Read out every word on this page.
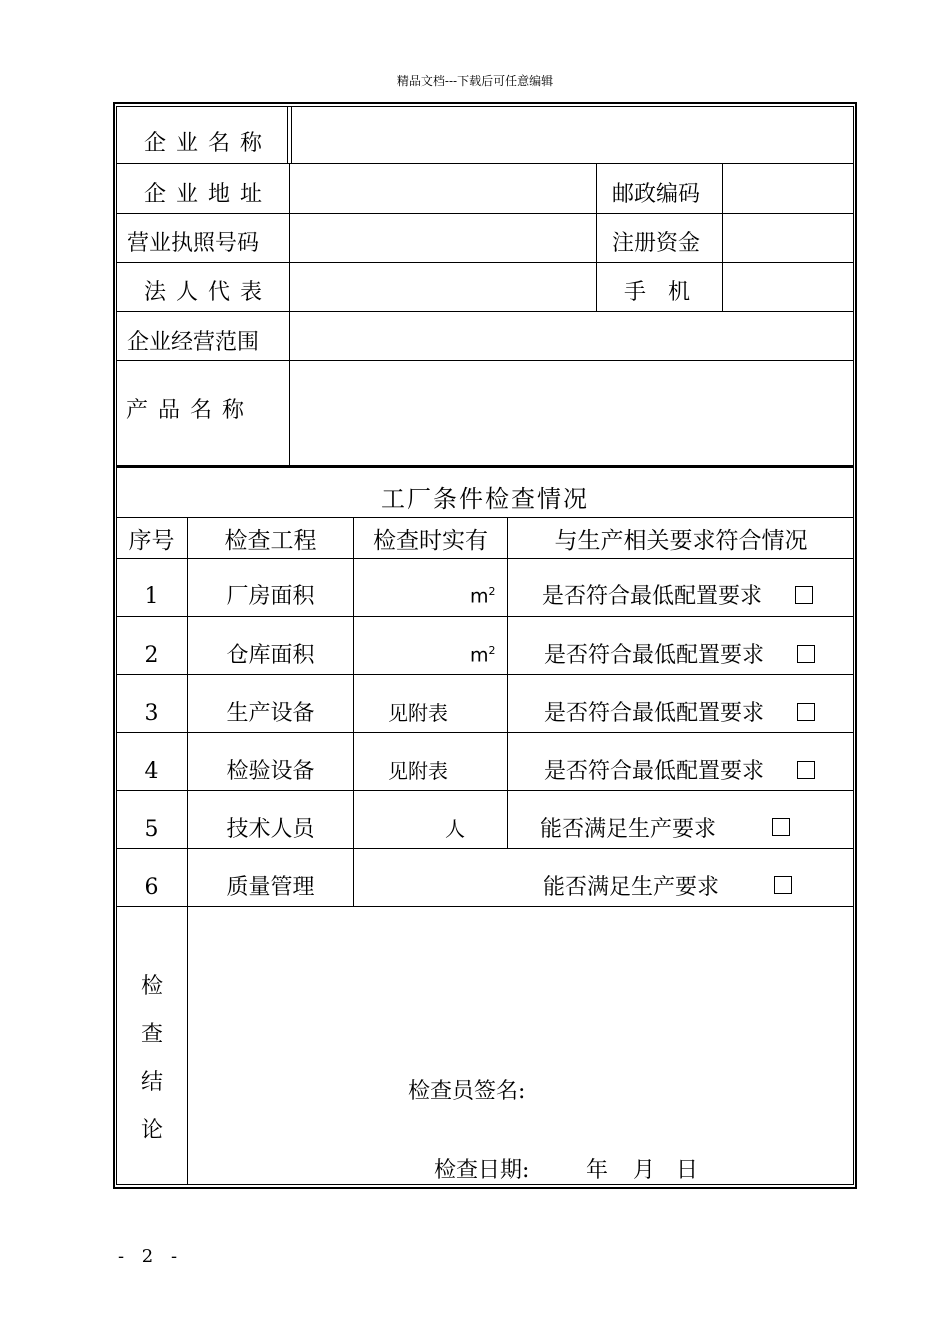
精品文档---下载后可任意编辑
企业名称
企业地址	邮政编码
营业执照号码	注册资金
法人代表	手　机
企业经营范围
产品名称
工厂条件检查情况
序号	检查工程	检查时实有	与生产相关要求符合情况
1	厂房面积	$m^2$ 是否符合最低配置要求
2	仓库面积	$m^2$ 是否符合最低配置要求
3	生产设备	见附表	是否符合最低配置要求
4	检验设备	见附表	是否符合最低配置要求
5	技术人员	人	能否满足生产要求
6	质量管理	能否满足生产要求
检
查
结
论
检查员签名:
检查日期:	年 月 日
- 2 -
